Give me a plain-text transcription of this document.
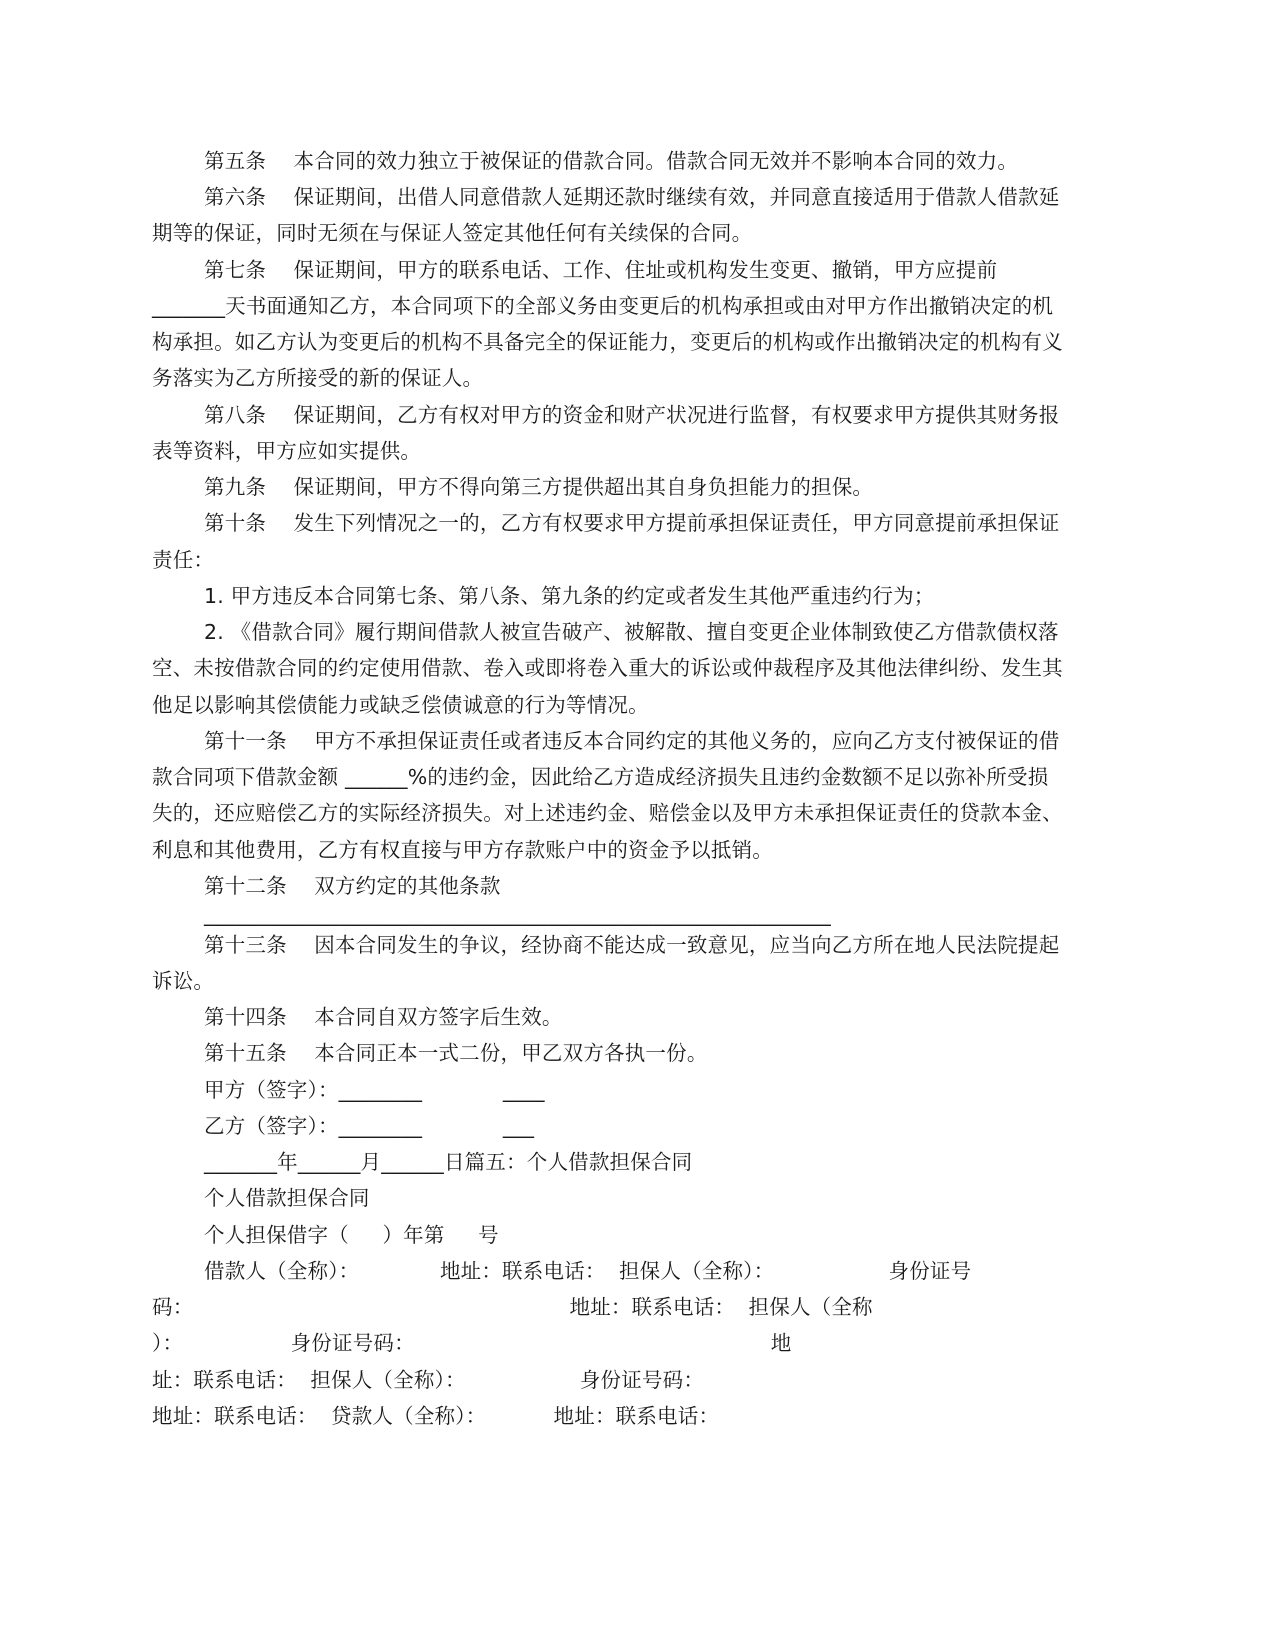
第五条　 本合同的效力独立于被保证的借款合同。借款合同无效并不影响本合同的效力。
第六条　 保证期间，出借人同意借款人延期还款时继续有效，并同意直接适用于借款人借款延
期等的保证，同时无须在与保证人签定其他任何有关续保的合同。
第七条　 保证期间，甲方的联系电话、工作、住址或机构发生变更、撤销，甲方应提前
_______天书面通知乙方，本合同项下的全部义务由变更后的机构承担或由对甲方作出撤销决定的机
构承担。如乙方认为变更后的机构不具备完全的保证能力，变更后的机构或作出撤销决定的机构有义
务落实为乙方所接受的新的保证人。
第八条　 保证期间，乙方有权对甲方的资金和财产状况进行监督，有权要求甲方提供其财务报
表等资料，甲方应如实提供。
第九条　 保证期间，甲方不得向第三方提供超出其自身负担能力的担保。
第十条　 发生下列情况之一的，乙方有权要求甲方提前承担保证责任，甲方同意提前承担保证
责任：
1. 甲方违反本合同第七条、第八条、第九条的约定或者发生其他严重违约行为；
2. 《借款合同》履行期间借款人被宣告破产、被解散、擅自变更企业体制致使乙方借款债权落
空、未按借款合同的约定使用借款、卷入或即将卷入重大的诉讼或仲裁程序及其他法律纠纷、发生其
他足以影响其偿债能力或缺乏偿债诚意的行为等情况。
第十一条　 甲方不承担保证责任或者违反本合同约定的其他义务的，应向乙方支付被保证的借
款合同项下借款金额 ______%的违约金，因此给乙方造成经济损失且违约金数额不足以弥补所受损
失的，还应赔偿乙方的实际经济损失。对上述违约金、赔偿金以及甲方未承担保证责任的贷款本金、
利息和其他费用，乙方有权直接与甲方存款账户中的资金予以抵销。
第十二条　 双方约定的其他条款
____________________________________________________________
第十三条　 因本合同发生的争议，经协商不能达成一致意见，应当向乙方所在地人民法院提起
诉讼。
第十四条　 本合同自双方签字后生效。
第十五条　 本合同正本一式二份，甲乙双方各执一份。
甲方（签字）：________            ____
乙方（签字）：________            ___
_______年______月______日篇五：个人借款担保合同
个人借款担保合同
个人担保借字（     ）年第     号
借款人（全称）：            地址：联系电话：  担保人（全称）：                 身份证号
码：                                                        地址：联系电话：  担保人（全称
）：                身份证号码：                                                     地
址：联系电话：  担保人（全称）：                 身份证号码：
地址：联系电话：  贷款人（全称）：          地址：联系电话：
